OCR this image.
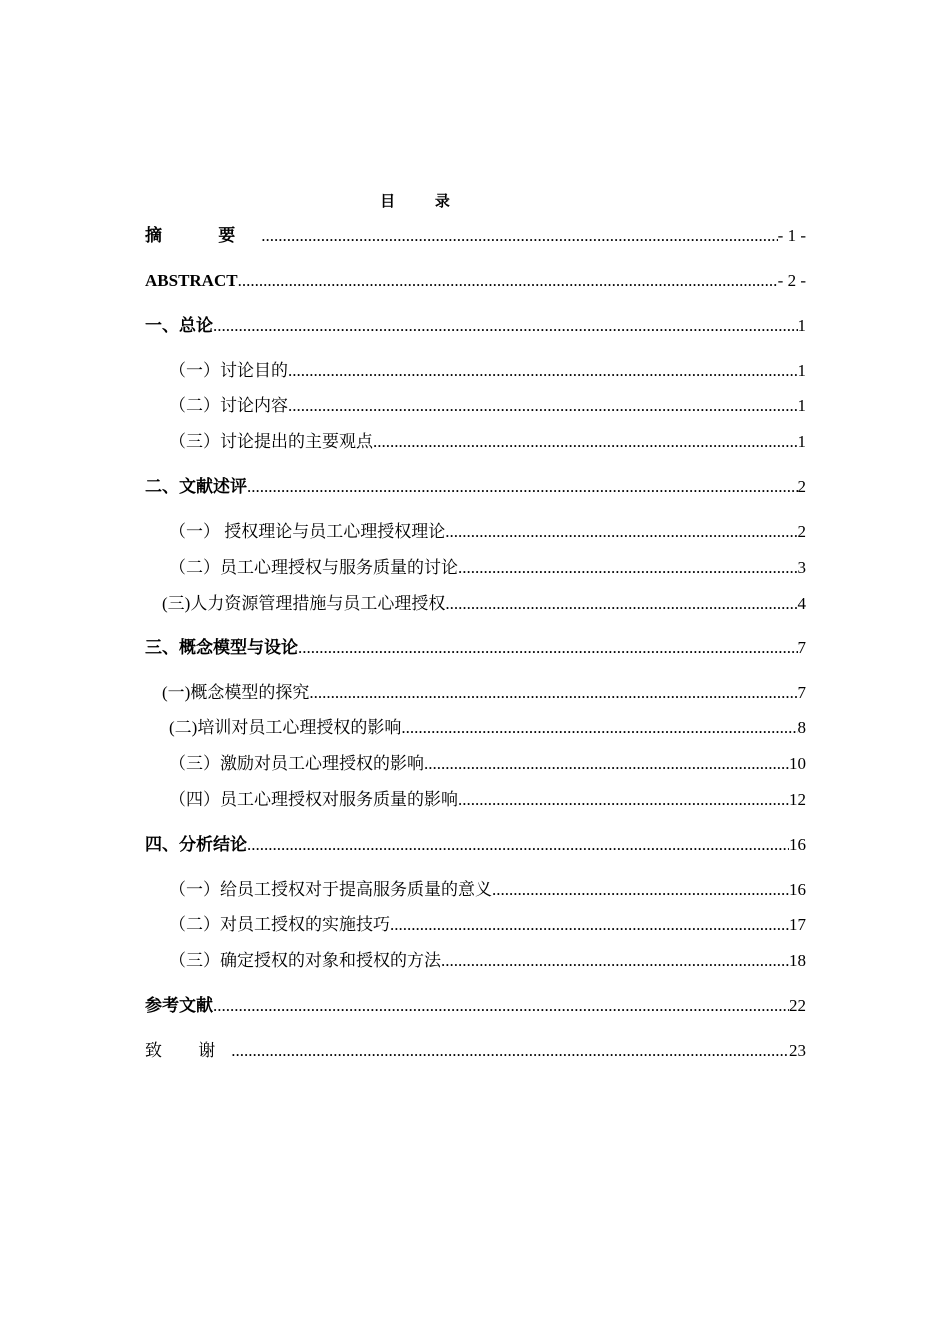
目 录
摘 要 .....	- 1 -
ABSTRACT .....	- 2 -
一、总论 .....	1
（一）讨论目的 .....	1
（二）讨论内容 .....	1
（三）讨论提出的主要观点 .....	1
二、文献述评 .....	2
（一） 授权理论与员工心理授权理论 .....	2
（二）员工心理授权与服务质量的讨论 .....	3
(三)人力资源管理措施与员工心理授权 .....	4
三、概念模型与设论 .....	7
(一)概念模型的探究 .....	7
(二)培训对员工心理授权的影响 .....	8
（三）激励对员工心理授权的影响 .....	10
（四）员工心理授权对服务质量的影响 .....	12
四、分析结论 .....	16
（一）给员工授权对于提高服务质量的意义 .....	16
（二）对员工授权的实施技巧 .....	17
（三）确定授权的对象和授权的方法 .....	18
参考文献 .....	22
致 谢 .....	23
